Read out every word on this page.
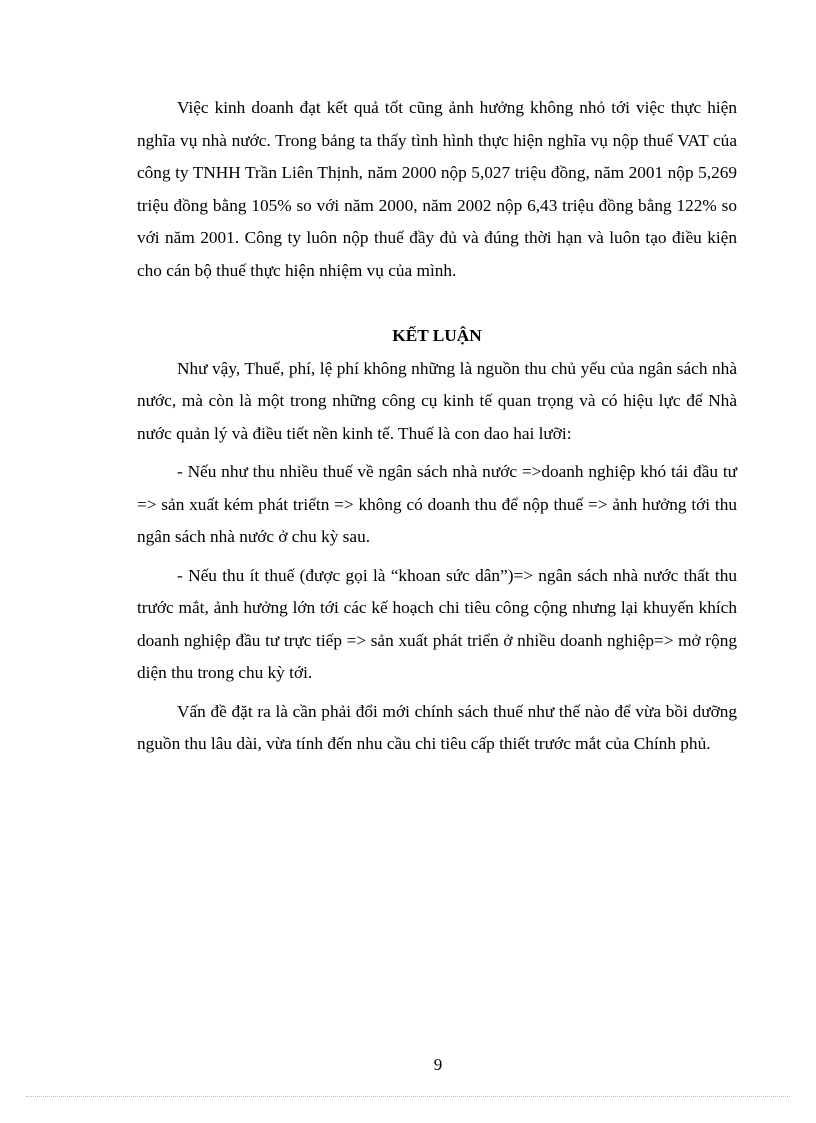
Việc kinh doanh đạt kết quả tốt cũng ảnh hưởng không nhỏ tới việc thực hiện nghĩa vụ nhà nước. Trong bảng ta thấy tình hình thực hiện nghĩa vụ nộp thuế VAT của công ty TNHH Trần Liên Thịnh, năm 2000 nộp 5,027 triệu đồng, năm 2001 nộp 5,269 triệu đồng bằng 105% so với năm 2000, năm 2002 nộp 6,43 triệu đồng bằng 122% so với năm 2001. Công ty luôn nộp thuế đầy đủ và đúng thời hạn và luôn tạo điều kiện cho cán bộ thuế thực hiện nhiệm vụ của mình.

KẾT LUẬN

Như vậy, Thuế, phí, lệ phí không những là nguồn thu chủ yếu của ngân sách nhà nước, mà còn là một trong những công cụ kinh tế quan trọng và có hiệu lực để Nhà nước quản lý và điều tiết nền kinh tế. Thuế là con dao hai lưỡi:

- Nếu như thu nhiều thuế về ngân sách nhà nước =>doanh nghiệp khó tái đầu tư => sản xuất kém phát triểtn => không có doanh thu để nộp thuế => ảnh hưởng tới thu ngân sách nhà nước ở chu kỳ sau.

- Nếu thu ít thuế (được gọi là “khoan sức dân”)=> ngân sách nhà nước thất thu trước mắt, ảnh hưởng lớn tới các kế hoạch chi tiêu công cộng nhưng lại khuyến khích doanh nghiệp đầu tư trực tiếp => sản xuất phát triển ở nhiều doanh nghiệp=> mở rộng diện thu trong chu kỳ tới.

Vấn đề đặt ra là cần phải đổi mới chính sách thuế như thế nào để vừa bồi dưỡng nguồn thu lâu dài, vừa tính đến nhu cầu chi tiêu cấp thiết trước mắt của Chính phủ.

9
